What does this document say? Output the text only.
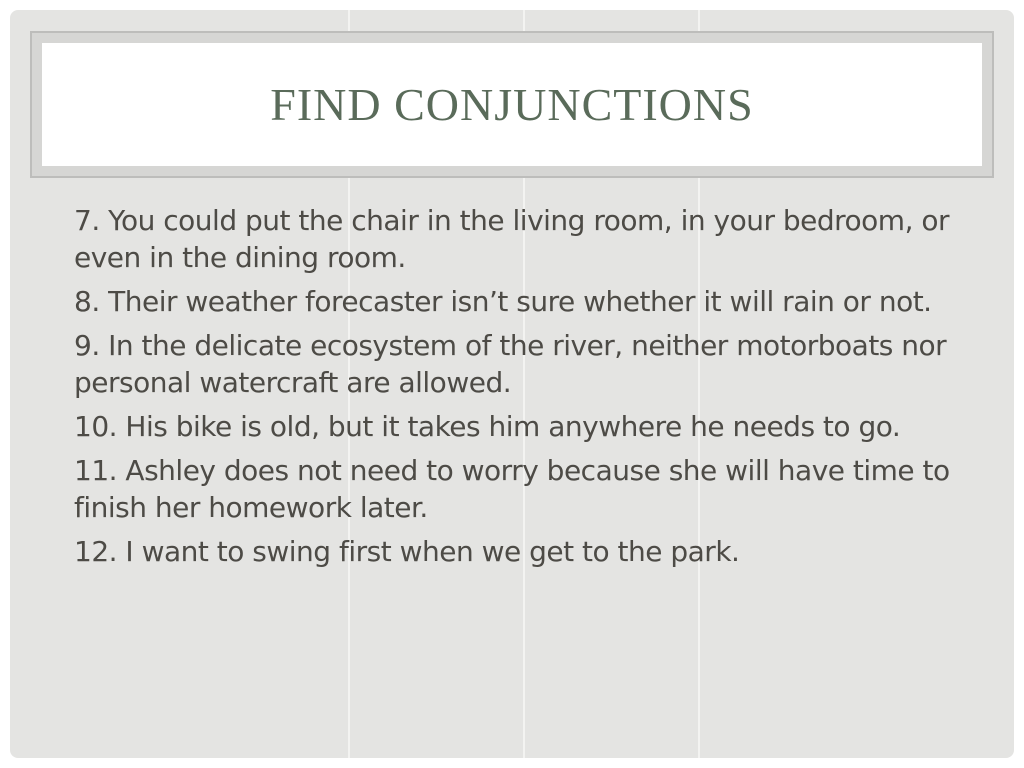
FIND CONJUNCTIONS
7. You could put the chair in the living room, in your bedroom, or even in the dining room.
8. Their weather forecaster isn’t sure whether it will rain or not.
9. In the delicate ecosystem of the river, neither motorboats nor personal watercraft are allowed.
10. His bike is old, but it takes him anywhere he needs to go.
11. Ashley does not need to worry because she will have time to finish her homework later.
12. I want to swing first when we get to the park.
